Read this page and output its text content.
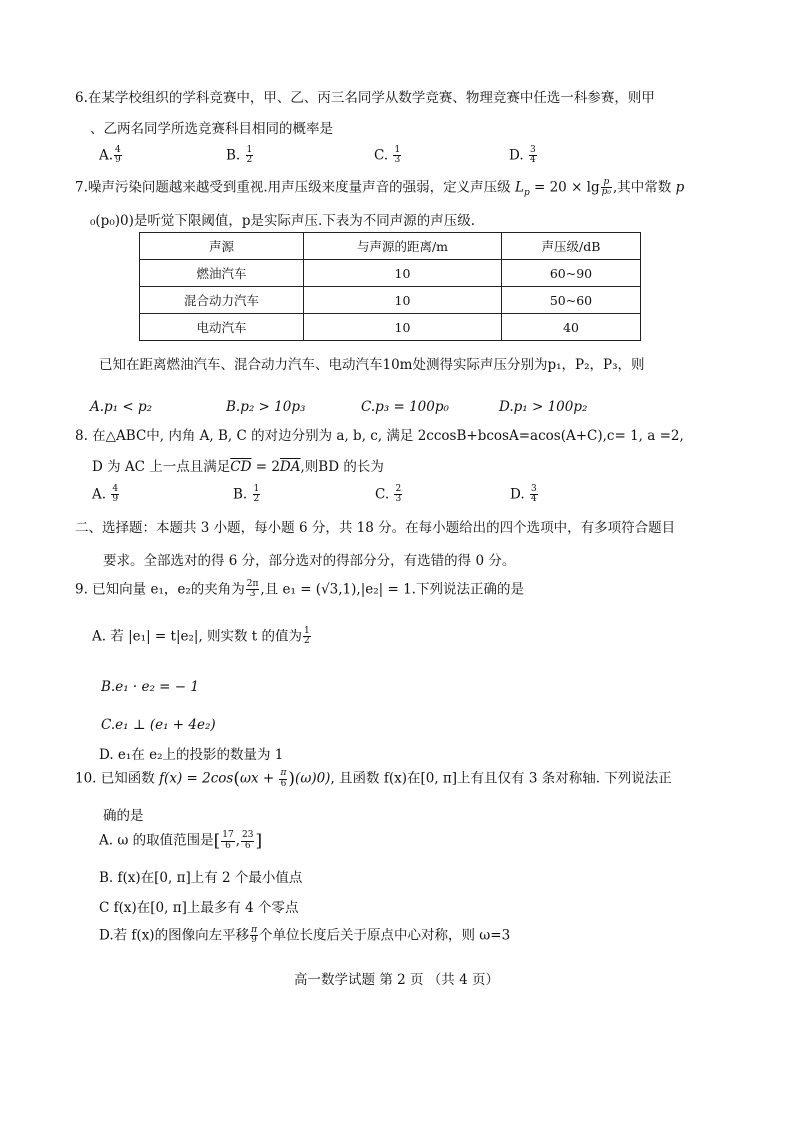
6.在某学校组织的学科竞赛中，甲、乙、丙三名同学从数学竞赛、物理竞赛中任选一科参赛，则甲
、乙两名同学所选竞赛科目相同的概率是
A. $\frac{4}{9}$	B. $\frac{1}{2}$	C. $\frac{1}{3}$	D. $\frac{3}{4}$
7.噪声污染问题越来越受到重视.用声压级来度量声音的强弱，定义声压级 $L_p = 20 \times \lg \frac{p}{\text{p₀}}$ ,其中常数 p
₀(p₀)0)是听觉下限阈值，p是实际声压.下表为不同声源的声压级.
声源	与声源的距离/m	声压级/dB
燃油汽车	10	60~90
混合动力汽车	10	50~60
电动汽车	10	40
已知在距离燃油汽车、混合动力汽车、电动汽车10m处测得实际声压分别为p₁，P₂，P₃，则
A.p₁ < p₂	B.p₂ > 10p₃	C.p₃ = 100p₀	D.p₁ > 100p₂
8. 在△ABC中, 内角 A, B, C 的对边分别为 a, b, c, 满足 2ccosB+bcosA=acos(A+C),c= 1, a =2,
D 为 AC 上一点且满足$\overline{CD} = 2\overline{DA}$,则BD 的长为
A. $\frac{4}{9}$	B. $\frac{1}{2}$	C. $\frac{2}{3}$	D. $\frac{3}{4}$
二、选择题：本题共 3 小题，每小题 6 分，共 18 分。在每小题给出的四个选项中，有多项符合题目
要求。全部选对的得 6 分，部分选对的得部分分，有选错的得 0 分。
9. 已知向量 e₁，e₂的夹角为 $\frac{2\pi}{3}$ ,且 e₁ = (√3,1),|e₂| = 1.下列说法正确的是
A. 若 |e₁| = t|e₂|, 则实数 t 的值为 $\frac{1}{2}$
B.e₁ · e₂ = − 1
C.e₁ ⊥ (e₁ + 4e₂)
D. e₁在 e₂上的投影的数量为 1
10. 已知函数 $f(x) = 2\cos(\omega x + \frac{\pi}{6} )(\omega)0$), 且函数 f(x)在[0, π]上有且仅有 3 条对称轴. 下列说法正
确的是
A. ω 的取值范围是[ $\frac{17}{6}$ , $\frac{23}{6}$ ]
B. f(x)在[0, π]上有 2 个最小值点
C f(x)在[0, π]上最多有 4 个零点
D.若 f(x)的图像向左平移 $\frac{\pi}{9}$ 个单位长度后关于原点中心对称，则 ω=3
高一数学试题 第 2 页 （共 4 页）
